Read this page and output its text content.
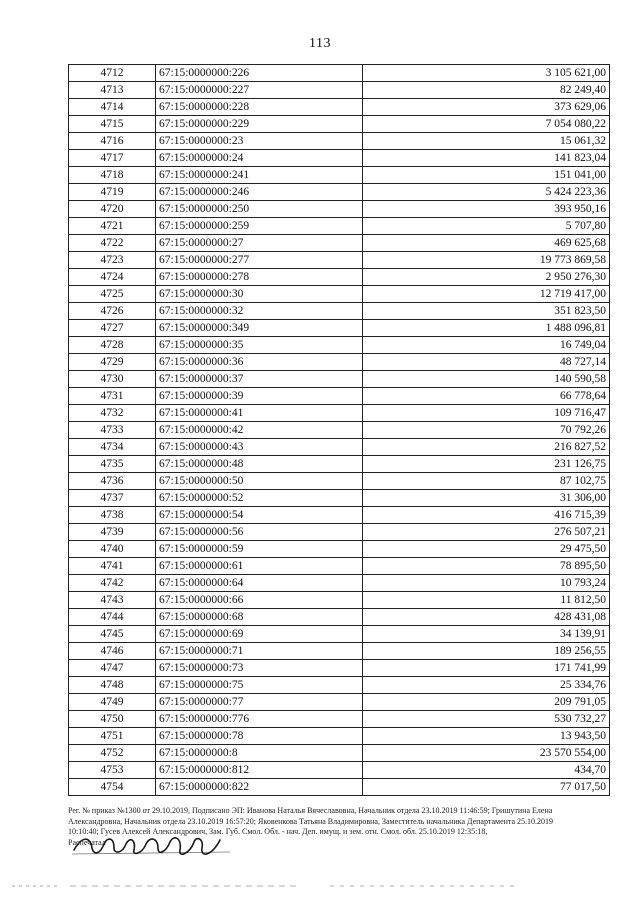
113
4712	67:15:0000000:226	3 105 621,00
4713	67:15:0000000:227	82 249,40
4714	67:15:0000000:228	373 629,06
4715	67:15:0000000:229	7 054 080,22
4716	67:15:0000000:23	15 061,32
4717	67:15:0000000:24	141 823,04
4718	67:15:0000000:241	151 041,00
4719	67:15:0000000:246	5 424 223,36
4720	67:15:0000000:250	393 950,16
4721	67:15:0000000:259	5 707,80
4722	67:15:0000000:27	469 625,68
4723	67:15:0000000:277	19 773 869,58
4724	67:15:0000000:278	2 950 276,30
4725	67:15:0000000:30	12 719 417,00
4726	67:15:0000000:32	351 823,50
4727	67:15:0000000:349	1 488 096,81
4728	67:15:0000000:35	16 749,04
4729	67:15:0000000:36	48 727,14
4730	67:15:0000000:37	140 590,58
4731	67:15:0000000:39	66 778,64
4732	67:15:0000000:41	109 716,47
4733	67:15:0000000:42	70 792,26
4734	67:15:0000000:43	216 827,52
4735	67:15:0000000:48	231 126,75
4736	67:15:0000000:50	87 102,75
4737	67:15:0000000:52	31 306,00
4738	67:15:0000000:54	416 715,39
4739	67:15:0000000:56	276 507,21
4740	67:15:0000000:59	29 475,50
4741	67:15:0000000:61	78 895,50
4742	67:15:0000000:64	10 793,24
4743	67:15:0000000:66	11 812,50
4744	67:15:0000000:68	428 431,08
4745	67:15:0000000:69	34 139,91
4746	67:15:0000000:71	189 256,55
4747	67:15:0000000:73	171 741,99
4748	67:15:0000000:75	25 334,76
4749	67:15:0000000:77	209 791,05
4750	67:15:0000000:776	530 732,27
4751	67:15:0000000:78	13 943,50
4752	67:15:0000000:8	23 570 554,00
4753	67:15:0000000:812	434,70
4754	67:15:0000000:822	77 017,50
Рег. № приказ №1300 от 29.10.2019, Подписано ЭП: Иванова Наталья Вячеславовна, Начальник отдела 23.10.2019 11:46:59; Гришутина Елена
Александровна, Начальник отдела 23.10.2019 16:57:20; Яковенкова Татьяна Владимировна, Заместитель начальника Департамента 25.10.2019
10:10:40; Гусев Алексей Александрович, Зам. Губ. Смол. Обл. - нач. Деп. имущ. и зем. отн. Смол. обл. 25.10.2019 12:35:18,
Распечатал
